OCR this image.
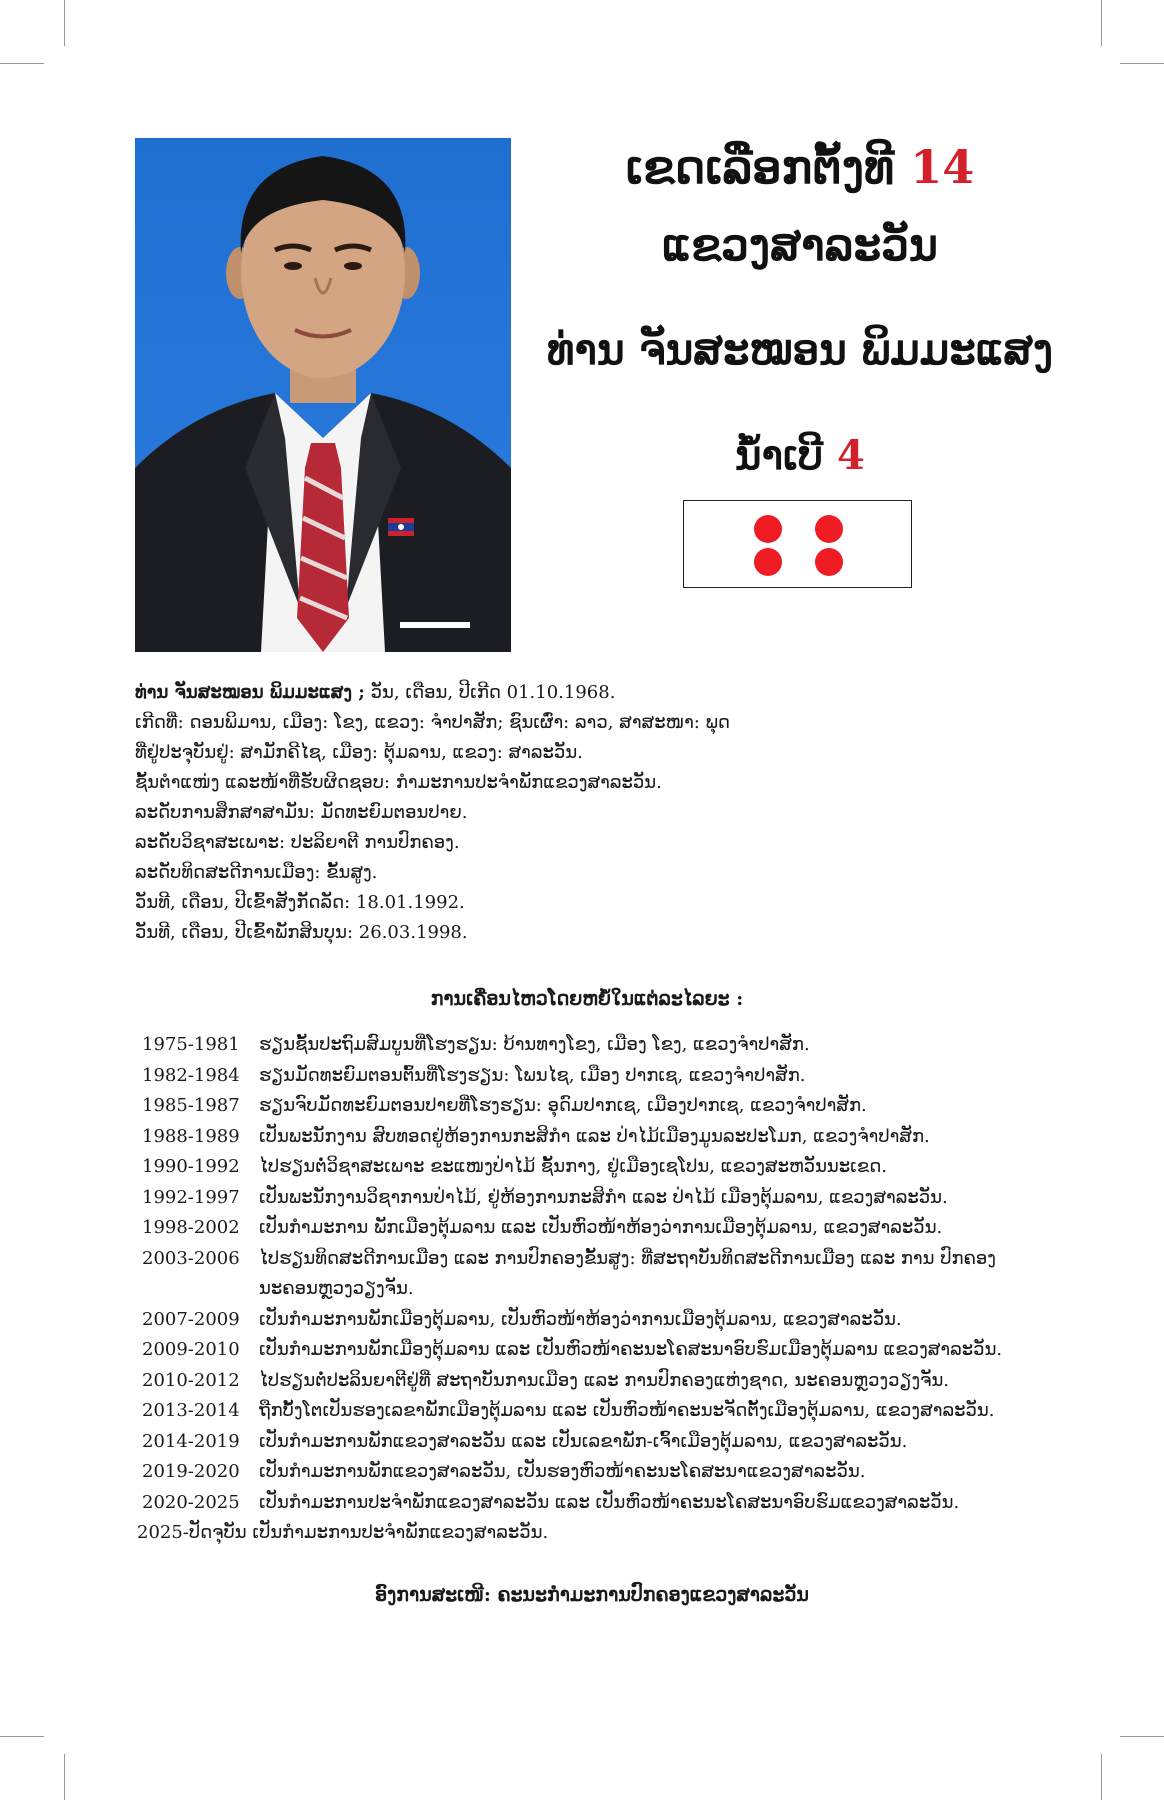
ເຂດເລືອກຕັ້ງທີ 14
ແຂວງສາລະວັນ
ທ່ານ ຈັນສະໝອນ ພິມມະແສງ
ນໍ້າເບີ 4
ທ່ານ ຈັນສະໝອນ ພິມມະແສງ ; ວັນ, ເດືອນ, ປີເກີດ 01.10.1968.
ເກີດທີ່: ດອນພິມານ, ເມືອງ: ໂຂງ, ແຂວງ: ຈຳປາສັກ; ຊົນເຜົ່າ: ລາວ, ສາສະໜາ: ພຸດ
ທີ່ຢູ່ປະຈຸບັນຢູ່: ສາມັກຄີໄຊ, ເມືອງ: ຕຸ້ມລານ, ແຂວງ: ສາລະວັນ.
ຊັ້ນຕຳແໜ່ງ ແລະໜ້າທີ່ຮັບຜິດຊອບ: ກຳມະການປະຈຳພັກແຂວງສາລະວັນ.
ລະດັບການສຶກສາສາມັນ: ມັດທະຍົມຕອນປາຍ.
ລະດັບວິຊາສະເພາະ: ປະລິຍາຕີ ການປົກຄອງ.
ລະດັບທິດສະດີການເມືອງ: ຂັ້ນສູງ.
ວັນທີ, ເດືອນ, ປີເຂົ້າສັງກັດລັດ: 18.01.1992.
ວັນທີ, ເດືອນ, ປີເຂົ້າພັກສິນບຸນ: 26.03.1998.
ການເຄື່ອນໄຫວໂດຍຫຍໍ້ໃນແຕ່ລະໄລຍະ :
1975-1981	ຮຽນຊັ້ນປະຖົມສົມບູນທີ່ໂຮງຮຽນ: ບ້ານທາງໂຂງ, ເມືອງ ໂຂງ, ແຂວງຈຳປາສັກ.
1982-1984	ຮຽນມັດທະຍົມຕອນຕົ້ນທີ່ໂຮງຮຽນ: ໂພນໄຊ, ເມືອງ ປາກເຊ, ແຂວງຈຳປາສັກ.
1985-1987	ຮຽນຈົບມັດທະຍົມຕອນປາຍທີ່ໂຮງຮຽນ: ອຸດົມປາກເຊ, ເມືອງປາກເຊ, ແຂວງຈຳປາສັກ.
1988-1989	ເປັນພະນັກງານ ສົບທອດຢູ່ຫ້ອງການກະສິກຳ ແລະ ປ່າໄມ້ເມືອງມູນລະປະໂມກ, ແຂວງຈຳປາສັກ.
1990-1992	ໄປຮຽນຕໍ່ວິຊາສະເພາະ ຂະແໜງປ່າໄມ້ ຊັ້ນກາງ, ຢູ່ເມືອງເຊໂປນ, ແຂວງສະຫວັນນະເຂດ.
1992-1997	ເປັນພະນັກງານວິຊາການປ່າໄມ້, ຢູ່ຫ້ອງການກະສິກຳ ແລະ ປ່າໄມ້ ເມືອງຕຸ້ມລານ, ແຂວງສາລະວັນ.
1998-2002	ເປັນກຳມະການ ພັກເມືອງຕຸ້ມລານ ແລະ ເປັນຫົວໜ້າຫ້ອງວ່າການເມືອງຕຸ້ມລານ, ແຂວງສາລະວັນ.
2003-2006	ໄປຮຽນທິດສະດີການເມືອງ ແລະ ການປົກຄອງຂັ້ນສູງ: ທີ່ສະຖາບັນທິດສະດີການເມືອງ ແລະ ການ ປົກຄອງນະຄອນຫຼວງວຽງຈັນ.
2007-2009	ເປັນກຳມະການພັກເມືອງຕຸ້ມລານ, ເປັນຫົວໜ້າຫ້ອງວ່າການເມືອງຕຸ້ມລານ, ແຂວງສາລະວັນ.
2009-2010	ເປັນກຳມະການພັກເມືອງຕຸ້ມລານ ແລະ ເປັນຫົວໜ້າຄະນະໂຄສະນາອົບຮົມເມືອງຕຸ້ມລານ ແຂວງສາລະວັນ.
2010-2012	ໄປຮຽນຕໍ່ປະລິນຍາຕີຢູ່ທີ່ ສະຖາບັນການເມືອງ ແລະ ການປົກຄອງແຫ່ງຊາດ, ນະຄອນຫຼວງວຽງຈັນ.
2013-2014	ຖືກບັ້ງໂຕເປັນຮອງເລຂາພັກເມືອງຕຸ້ມລານ ແລະ ເປັນຫົວໜ້າຄະນະຈັດຕັ້ງເມືອງຕຸ້ມລານ, ແຂວງສາລະວັນ.
2014-2019	ເປັນກຳມະການພັກແຂວງສາລະວັນ ແລະ ເປັນເລຂາພັກ-ເຈົ້າເມືອງຕຸ້ມລານ, ແຂວງສາລະວັນ.
2019-2020	ເປັນກຳມະການພັກແຂວງສາລະວັນ, ເປັນຮອງຫົວໜ້າຄະນະໂຄສະນາແຂວງສາລະວັນ.
2020-2025	ເປັນກຳມະການປະຈຳພັກແຂວງສາລະວັນ ແລະ ເປັນຫົວໜ້າຄະນະໂຄສະນາອົບຮົມແຂວງສາລະວັນ.
2025-ປັດຈຸບັນ ເປັນກຳມະການປະຈຳພັກແຂວງສາລະວັນ.
ອົງການສະເໜີ: ຄະນະກຳມະການປົກຄອງແຂວງສາລະວັນ
